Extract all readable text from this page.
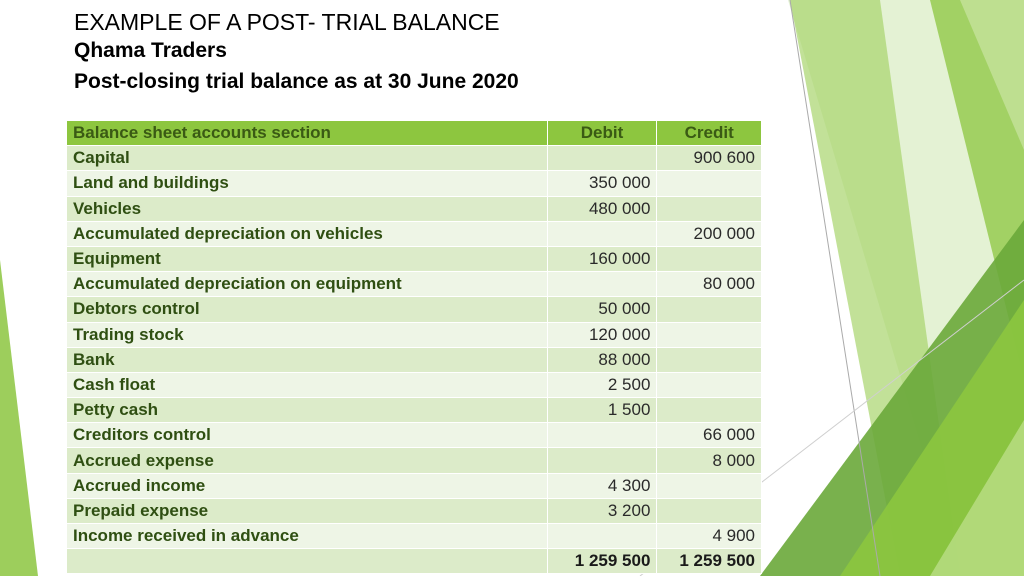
EXAMPLE OF A POST- TRIAL BALANCE
Qhama Traders
Post-closing trial balance as at 30 June 2020
Balance sheet accounts section	Debit	Credit
Capital		900 600
Land and buildings	350 000	
Vehicles	480 000	
Accumulated depreciation on vehicles		200 000
Equipment	160 000	
Accumulated depreciation on equipment		80 000
Debtors control	50 000	
Trading stock	120 000	
Bank	88 000	
Cash float	2 500	
Petty cash	1 500	
Creditors control		66 000
Accrued expense		8 000
Accrued income	4 300	
Prepaid expense	3 200	
Income received in advance		4 900
	1 259 500	1 259 500
